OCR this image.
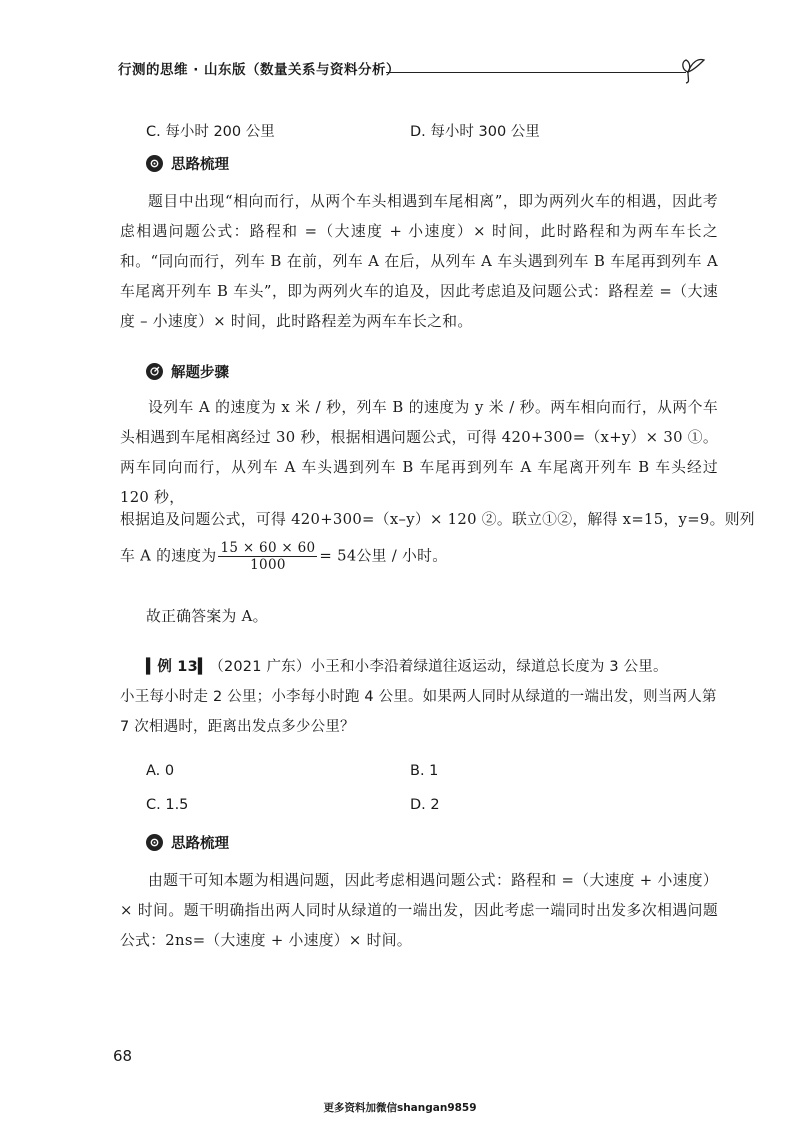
行测的思维 · 山东版（数量关系与资料分析）
C. 每小时 200 公里	D. 每小时 300 公里
思路梳理
题目中出现“相向而行，从两个车头相遇到车尾相离”，即为两列火车的相遇，因此考虑相遇问题公式：路程和 =（大速度 + 小速度）× 时间，此时路程和为两车车长之和。“同向而行，列车 B 在前，列车 A 在后，从列车 A 车头遇到列车 B 车尾再到列车 A 车尾离开列车 B 车头”，即为两列火车的追及，因此考虑追及问题公式：路程差 =（大速度 – 小速度）× 时间，此时路程差为两车车长之和。
解题步骤
设列车 A 的速度为 x 米 / 秒，列车 B 的速度为 y 米 / 秒。两车相向而行，从两个车头相遇到车尾相离经过 30 秒，根据相遇问题公式，可得 420+300=（x+y）× 30 ①。两车同向而行，从列车 A 车头遇到列车 B 车尾再到列车 A 车尾离开列车 B 车头经过 120 秒，
根据追及问题公式，可得 420+300=（x–y）× 120 ②。联立①②，解得 x=15，y=9。则列
车 A 的速度为 $\frac{15 \times 60 \times 60}{1000} = 54$公里 / 小时。
故正确答案为 A。
▍例 13▍（2021 广东）小王和小李沿着绿道往返运动，绿道总长度为 3 公里。
小王每小时走 2 公里；小李每小时跑 4 公里。如果两人同时从绿道的一端出发，则当两人第 7 次相遇时，距离出发点多少公里？
A. 0	B. 1
C. 1.5	D. 2
思路梳理
由题干可知本题为相遇问题，因此考虑相遇问题公式：路程和 =（大速度 + 小速度）× 时间。题干明确指出两人同时从绿道的一端出发，因此考虑一端同时出发多次相遇问题公式：2ns=（大速度 + 小速度）× 时间。
68
更多资料加微信shangan9859
